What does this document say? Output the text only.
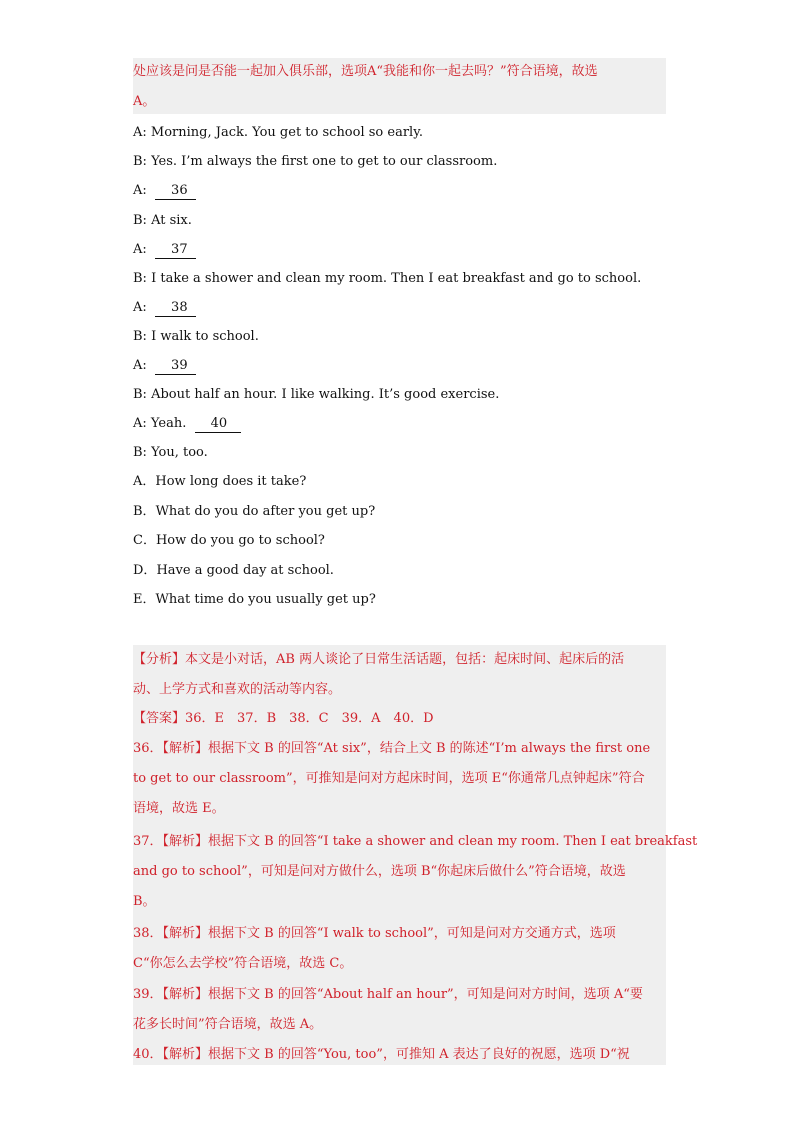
处应该是问是否能一起加入俱乐部，选项A“我能和你一起去吗？”符合语境，故选
A。
A: Morning, Jack. You get to school so early.
B: Yes. I’m always the first one to get to our classroom.
A: 36
B: At six.
A: 37
B: I take a shower and clean my room. Then I eat breakfast and go to school.
A: 38
B: I walk to school.
A: 39
B: About half an hour. I like walking. It’s good exercise.
A: Yeah. 40
B: You, too.
A．How long does it take?
B．What do you do after you get up?
C．How do you go to school?
D．Have a good day at school.
E．What time do you usually get up?
【分析】本文是小对话，AB 两人谈论了日常生活话题，包括：起床时间、起床后的活
动、上学方式和喜欢的活动等内容。
【答案】36．E　37．B　38．C　39．A　40．D
36．【解析】根据下文 B 的回答“At six”，结合上文 B 的陈述“I’m always the first one
to get to our classroom”，可推知是问对方起床时间，选项 E“你通常几点钟起床”符合
语境，故选 E。
37．【解析】根据下文 B 的回答“I take a shower and clean my room. Then I eat breakfast
and go to school”，可知是问对方做什么，选项 B“你起床后做什么”符合语境，故选
B。
38．【解析】根据下文 B 的回答“I walk to school”，可知是问对方交通方式，选项
C“你怎么去学校”符合语境，故选 C。
39．【解析】根据下文 B 的回答“About half an hour”，可知是问对方时间，选项 A“要
花多长时间”符合语境，故选 A。
40．【解析】根据下文 B 的回答“You, too”，可推知 A 表达了良好的祝愿，选项 D“祝
